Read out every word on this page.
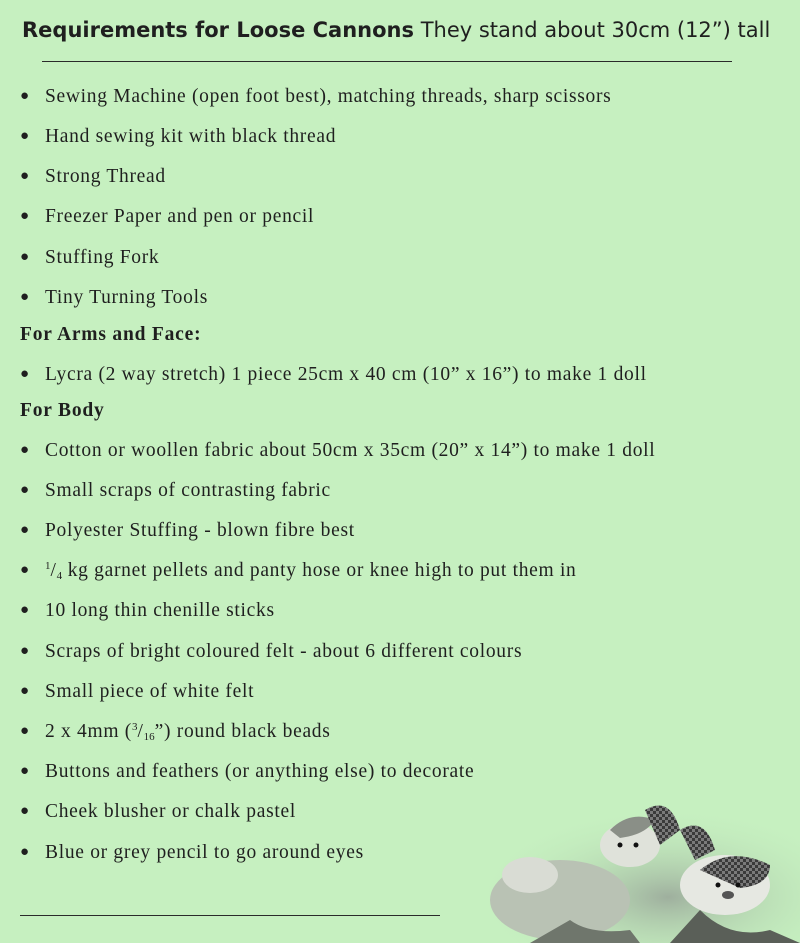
Requirements for Loose Cannons They stand about 30cm (12”) tall
● Sewing Machine (open foot best), matching threads, sharp scissors
● Hand sewing kit with black thread
● Strong Thread
● Freezer Paper and pen or pencil
● Stuffing Fork
● Tiny Turning Tools
For Arms and Face:
● Lycra (2 way stretch) 1 piece 25cm x 40 cm (10” x 16”) to make 1 doll
For Body
● Cotton or woollen fabric about 50cm x 35cm (20” x 14”) to make 1 doll
● Small scraps of contrasting fabric
● Polyester Stuffing - blown fibre best
● $^1/_4$ kg garnet pellets and panty hose or knee high to put them in
● 10 long thin chenille sticks
● Scraps of bright coloured felt - about 6 different colours
● Small piece of white felt
● 2 x 4mm $(^3/_{16}”)$ round black beads
● Buttons and feathers (or anything else) to decorate
● Cheek blusher or chalk pastel
● Blue or grey pencil to go around eyes
